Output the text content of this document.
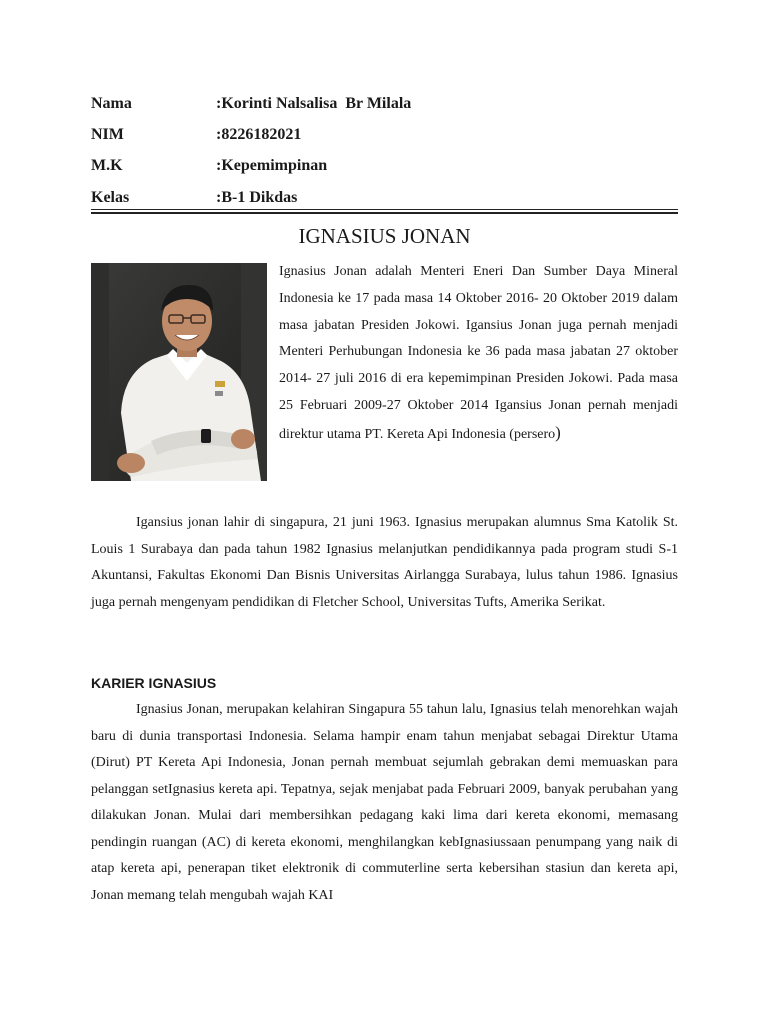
Nama	:Korinti Nalsalisa  Br Milala
NIM	:8226182021
M.K	:Kepemimpinan
Kelas	:B-1 Dikdas
IGNASIUS JONAN
Ignasius Jonan adalah Menteri Eneri Dan Sumber Daya Mineral Indonesia ke 17 pada masa 14 Oktober 2016- 20 Oktober 2019 dalam masa jabatan Presiden Jokowi. Igansius Jonan juga pernah menjadi Menteri Perhubungan Indonesia ke 36 pada masa jabatan 27 oktober 2014- 27 juli 2016 di era kepemimpinan Presiden Jokowi. Pada masa 25 Februari 2009-27 Oktober 2014 Igansius Jonan pernah menjadi direktur utama PT. Kereta Api Indonesia (persero)
Igansius jonan lahir di singapura, 21 juni 1963. Ignasius merupakan alumnus Sma Katolik St. Louis 1 Surabaya dan pada tahun 1982 Ignasius melanjutkan pendidikannya pada program studi S-1 Akuntansi, Fakultas Ekonomi Dan Bisnis Universitas Airlangga Surabaya, lulus tahun 1986. Ignasius juga pernah mengenyam pendidikan di Fletcher School, Universitas Tufts, Amerika Serikat.
KARIER IGNASIUS
Ignasius Jonan, merupakan kelahiran Singapura 55 tahun lalu, Ignasius telah menorehkan wajah baru di dunia transportasi Indonesia. Selama hampir enam tahun menjabat sebagai Direktur Utama (Dirut) PT Kereta Api Indonesia, Jonan pernah membuat sejumlah gebrakan demi memuaskan para pelanggan setIgnasius kereta api. Tepatnya, sejak menjabat pada Februari 2009, banyak perubahan yang dilakukan Jonan. Mulai dari membersihkan pedagang kaki lima dari kereta ekonomi, memasang pendingin ruangan (AC) di kereta ekonomi, menghilangkan kebIgnasiussaan penumpang yang naik di atap kereta api, penerapan tiket elektronik di commuterline serta kebersihan stasiun dan kereta api, Jonan memang telah mengubah wajah KAI
